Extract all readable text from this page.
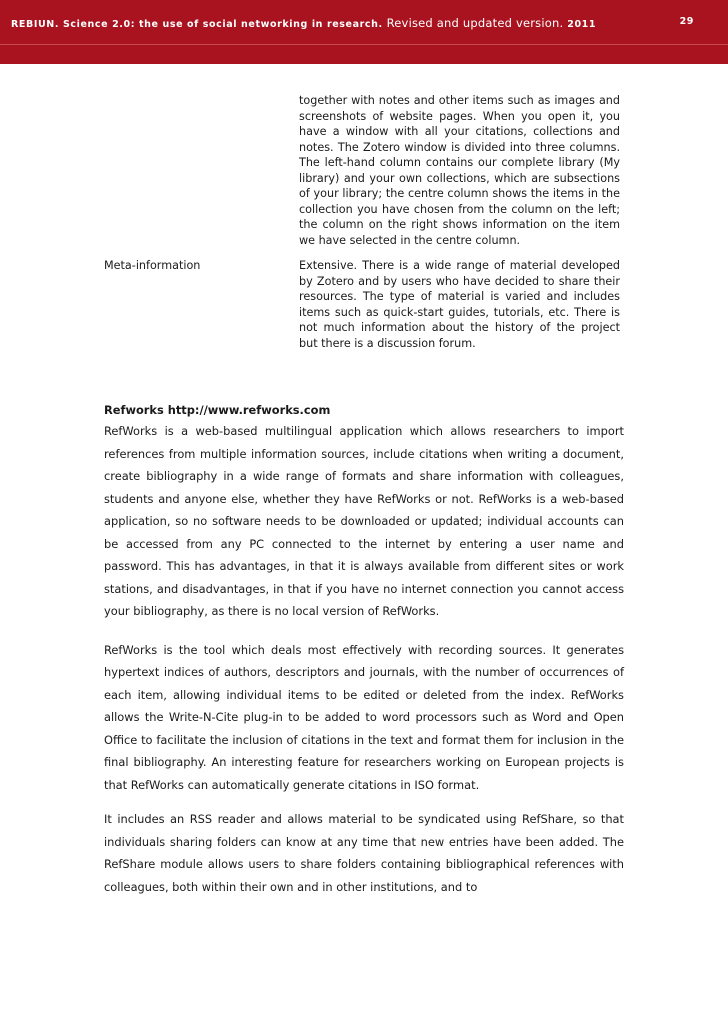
REBIUN. Science 2.0: the use of social networking in research. Revised and updated version. 2011	29
together with notes and other items such as images and screenshots of website pages. When you open it, you have a window with all your citations, collections and notes. The Zotero window is divided into three columns. The left-hand column contains our complete library (My library) and your own collections, which are subsections of your library; the centre column shows the items in the collection you have chosen from the column on the left; the column on the right shows information on the item we have selected in the centre column.
Meta-information	Extensive. There is a wide range of material developed by Zotero and by users who have decided to share their resources. The type of material is varied and includes items such as quick-start guides, tutorials, etc. There is not much information about the history of the project but there is a discussion forum.
Refworks http://www.refworks.com

RefWorks is a web-based multilingual application which allows researchers to import references from multiple information sources, include citations when writing a document, create bibliography in a wide range of formats and share information with colleagues, students and anyone else, whether they have RefWorks or not. RefWorks is a web-based application, so no software needs to be downloaded or updated; individual accounts can be accessed from any PC connected to the internet by entering a user name and password. This has advantages, in that it is always available from different sites or work stations, and disadvantages, in that if you have no internet connection you cannot access your bibliography, as there is no local version of RefWorks.

RefWorks is the tool which deals most effectively with recording sources. It generates hypertext indices of authors, descriptors and journals, with the number of occurrences of each item, allowing individual items to be edited or deleted from the index. RefWorks allows the Write-N-Cite plug-in to be added to word processors such as Word and Open Office to facilitate the inclusion of citations in the text and format them for inclusion in the final bibliography. An interesting feature for researchers working on European projects is that RefWorks can automatically generate citations in ISO format.

It includes an RSS reader and allows material to be syndicated using RefShare, so that individuals sharing folders can know at any time that new entries have been added. The RefShare module allows users to share folders containing bibliographical references with colleagues, both within their own and in other institutions, and to
